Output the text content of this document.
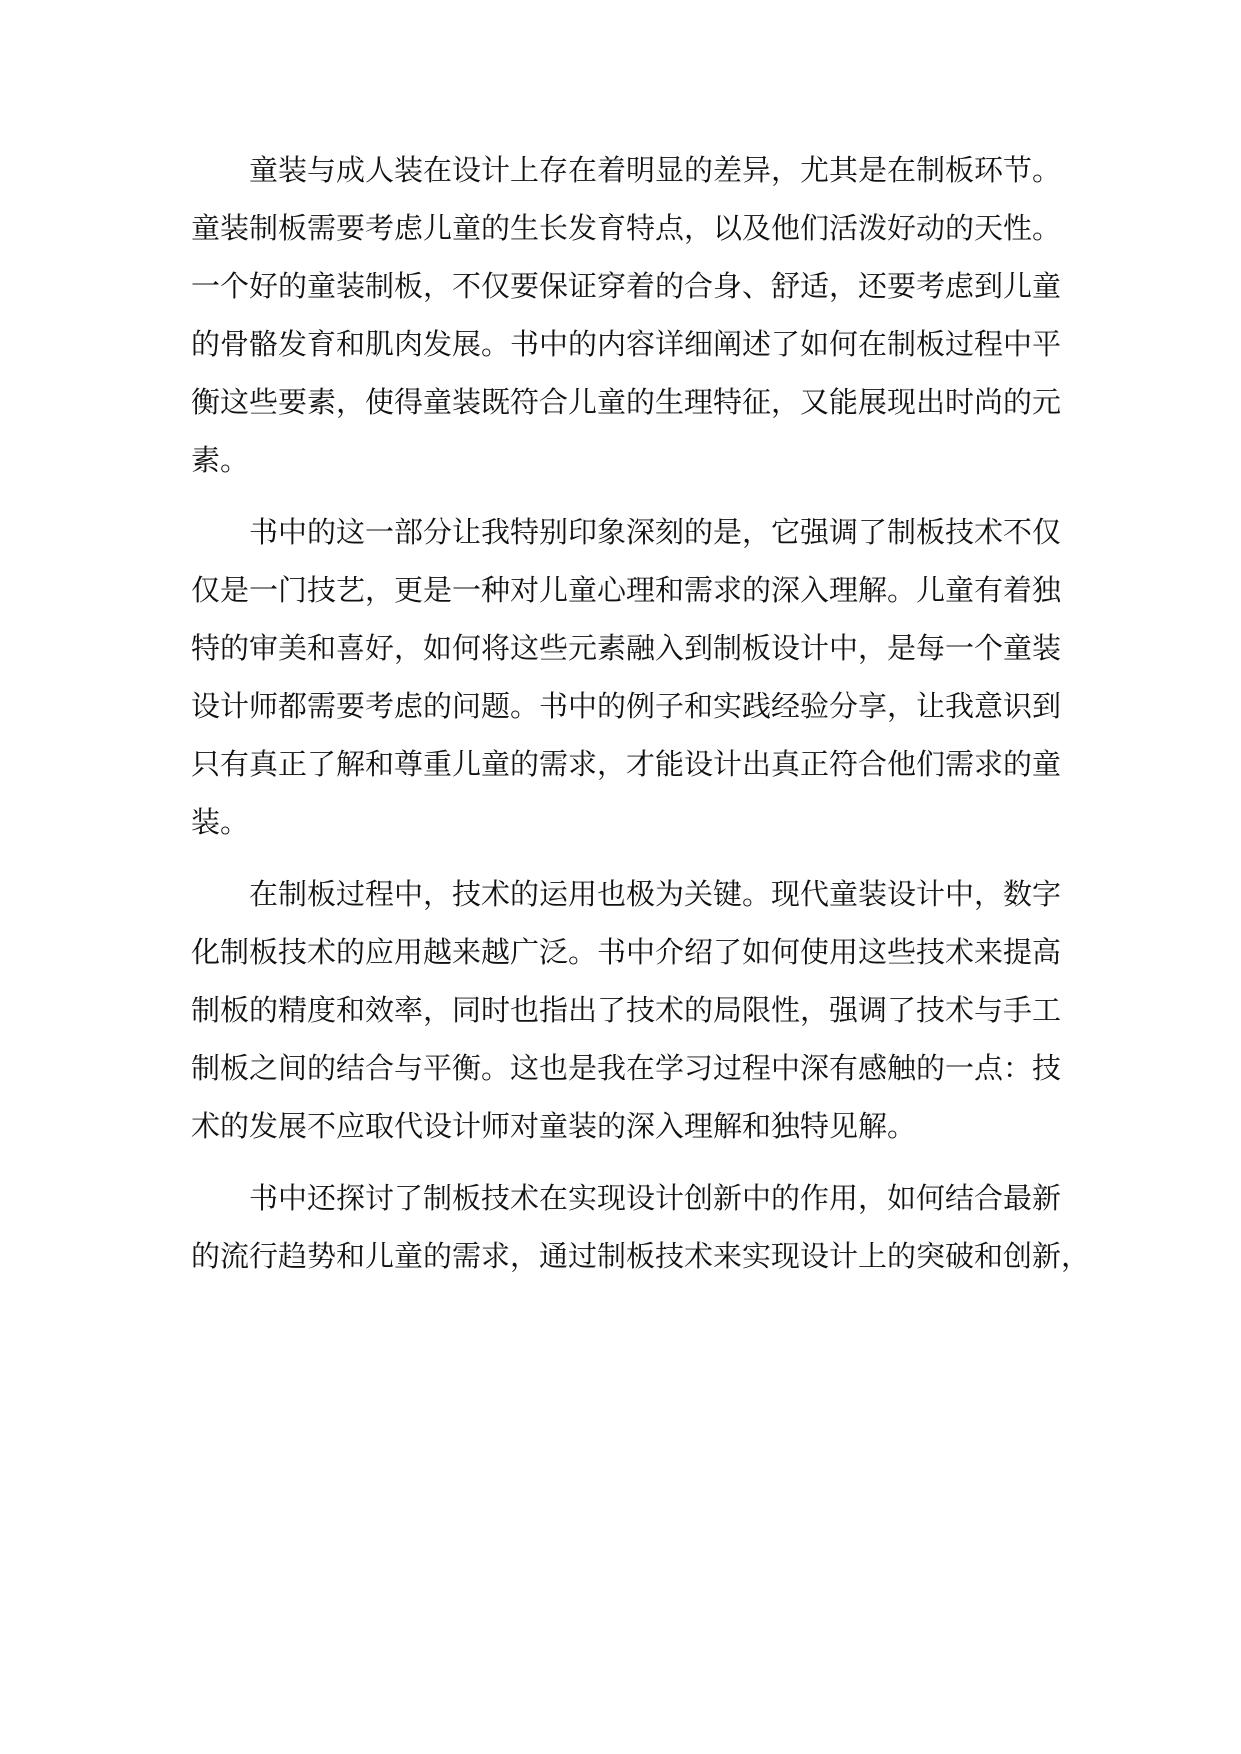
童装与成人装在设计上存在着明显的差异，尤其是在制板环节。
童装制板需要考虑儿童的生长发育特点，以及他们活泼好动的天性。
一个好的童装制板，不仅要保证穿着的合身、舒适，还要考虑到儿童
的骨骼发育和肌肉发展。书中的内容详细阐述了如何在制板过程中平
衡这些要素，使得童装既符合儿童的生理特征，又能展现出时尚的元
素。
书中的这一部分让我特别印象深刻的是，它强调了制板技术不仅
仅是一门技艺，更是一种对儿童心理和需求的深入理解。儿童有着独
特的审美和喜好，如何将这些元素融入到制板设计中，是每一个童装
设计师都需要考虑的问题。书中的例子和实践经验分享，让我意识到
只有真正了解和尊重儿童的需求，才能设计出真正符合他们需求的童
装。
在制板过程中，技术的运用也极为关键。现代童装设计中，数字
化制板技术的应用越来越广泛。书中介绍了如何使用这些技术来提高
制板的精度和效率，同时也指出了技术的局限性，强调了技术与手工
制板之间的结合与平衡。这也是我在学习过程中深有感触的一点：技
术的发展不应取代设计师对童装的深入理解和独特见解。
书中还探讨了制板技术在实现设计创新中的作用，如何结合最新
的流行趋势和儿童的需求，通过制板技术来实现设计上的突破和创新，
